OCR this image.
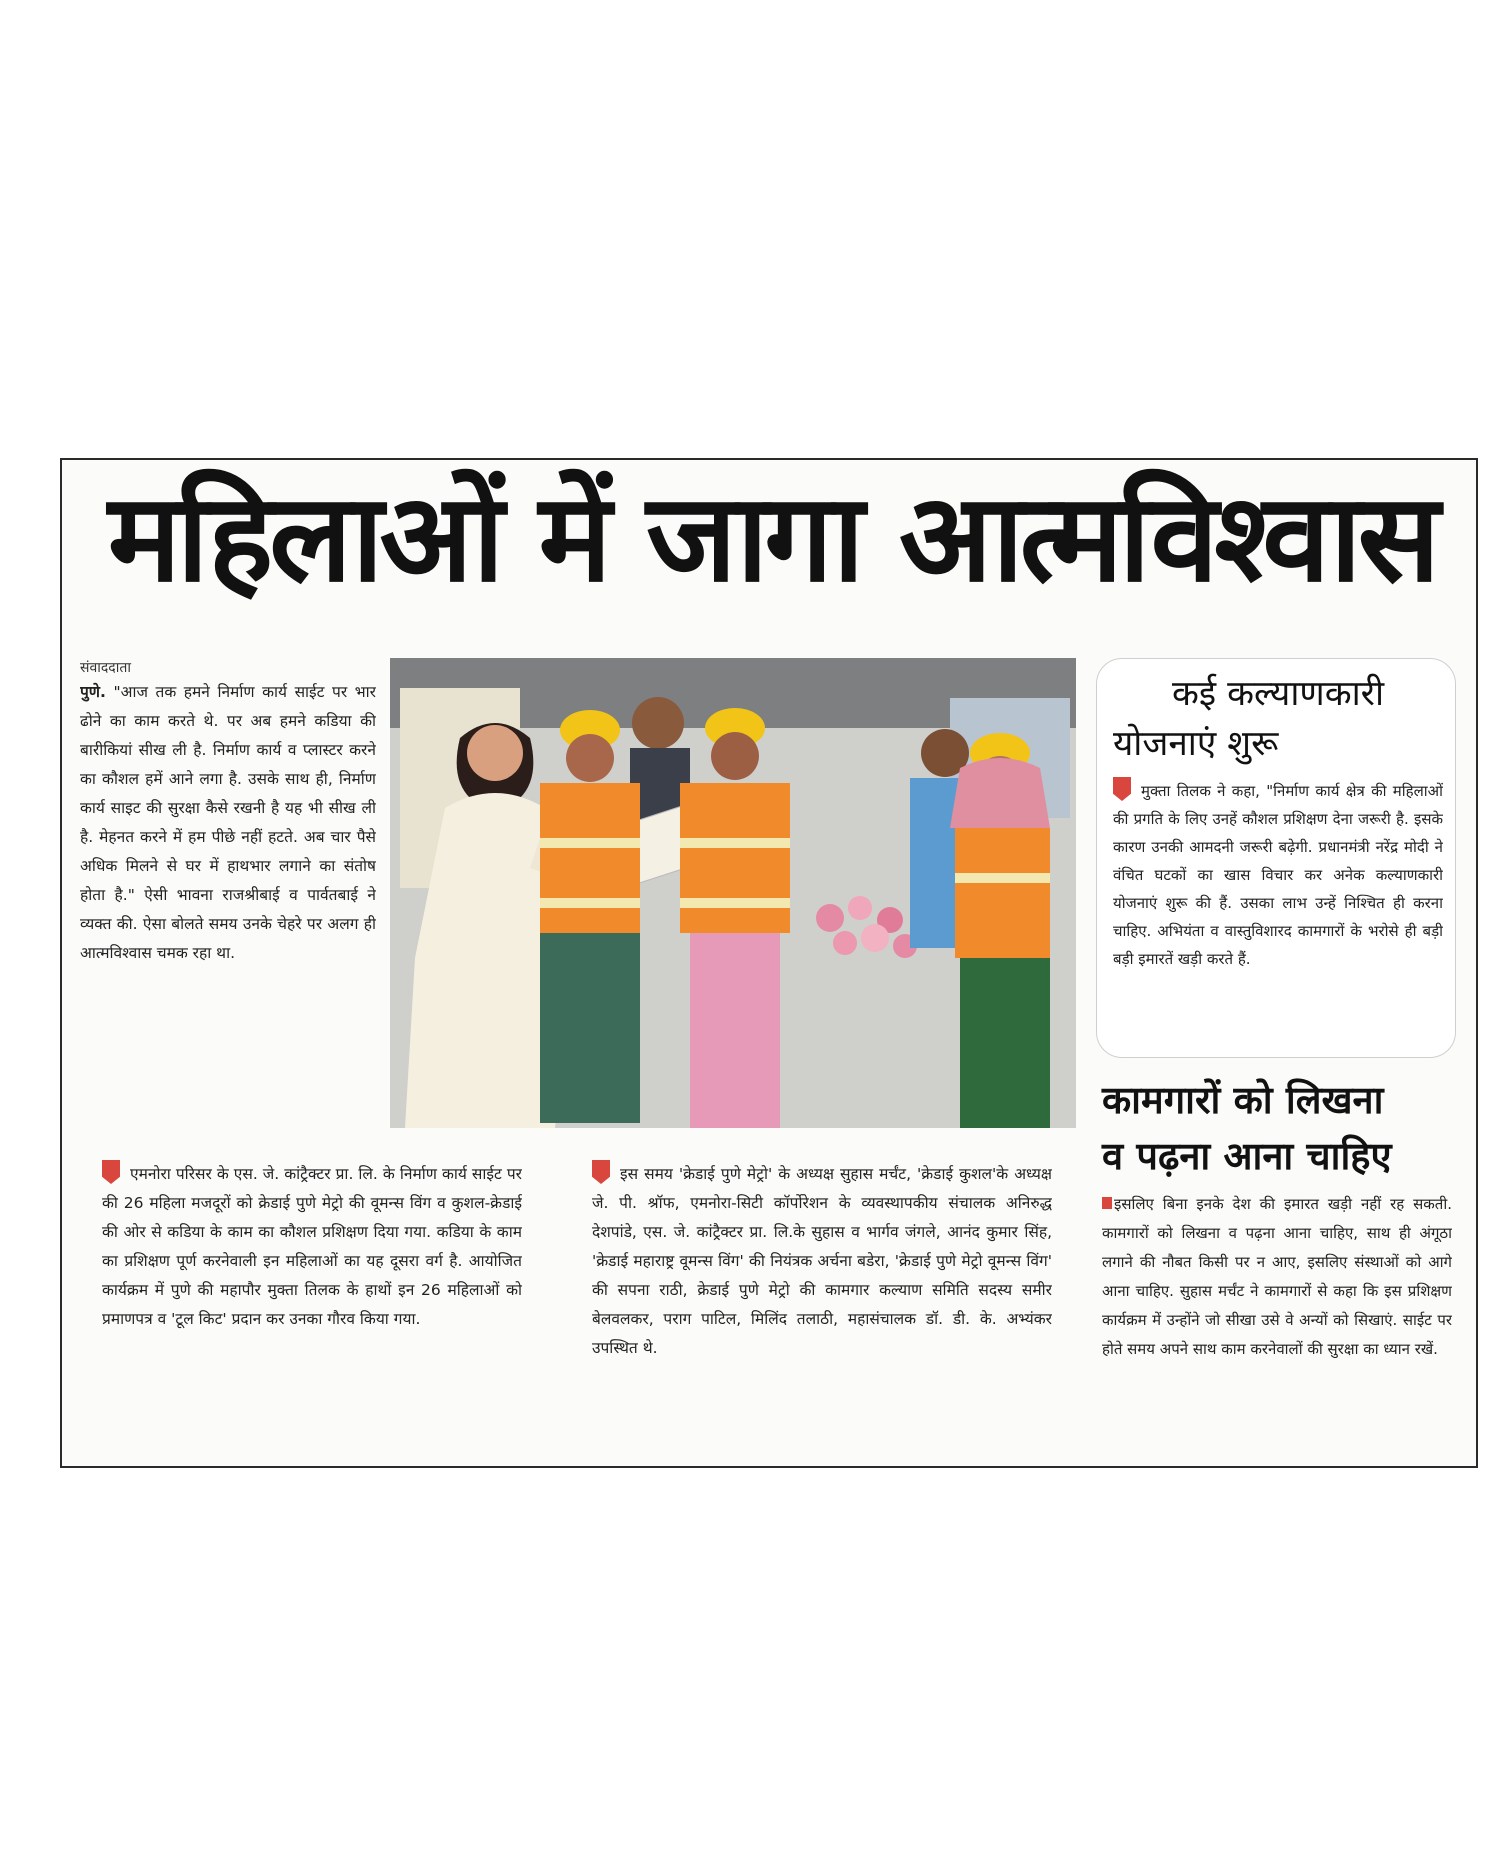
महिलाओं में जागा आत्मविश्वास

संवाददाता

पुणे. "आज तक हमने निर्माण कार्य साईट पर भार ढोने का काम करते थे. पर अब हमने कडिया की बारीकियां सीख ली है. निर्माण कार्य व प्लास्टर करने का कौशल हमें आने लगा है. उसके साथ ही, निर्माण कार्य साइट की सुरक्षा कैसे रखनी है यह भी सीख ली है. मेहनत करने में हम पीछे नहीं हटते. अब चार पैसे अधिक मिलने से घर में हाथभार लगाने का संतोष होता है." ऐसी भावना राजश्रीबाई व पार्वतबाई ने व्यक्त की. ऐसा बोलते समय उनके चेहरे पर अलग ही आत्मविश्वास चमक रहा था.

कई कल्याणकारी
योजनाएं शुरू

मुक्ता तिलक ने कहा, "निर्माण कार्य क्षेत्र की महिलाओं की प्रगति के लिए उनहें कौशल प्रशिक्षण देना जरूरी है. इसके कारण उनकी आमदनी जरूरी बढ़ेगी. प्रधानमंत्री नरेंद्र मोदी ने वंचित घटकों का खास विचार कर अनेक कल्याणकारी योजनाएं शुरू की हैं. उसका लाभ उन्हें निश्चित ही करना चाहिए. अभियंता व वास्तुविशारद कामगारों के भरोसे ही बड़ी बड़ी इमारतें खड़ी करते हैं.

कामगारों को लिखना
व पढ़ना आना चाहिए

इसलिए बिना इनके देश की इमारत खड़ी नहीं रह सकती. कामगारों को लिखना व पढ़ना आना चाहिए, साथ ही अंगूठा लगाने की नौबत किसी पर न आए, इसलिए संस्थाओं को आगे आना चाहिए. सुहास मर्चंट ने कामगारों से कहा कि इस प्रशिक्षण कार्यक्रम में उन्होंने जो सीखा उसे वे अन्यों को सिखाएं. साईट पर होते समय अपने साथ काम करनेवालों की सुरक्षा का ध्यान रखें.

एमनोरा परिसर के एस. जे. कांट्रैक्टर प्रा. लि. के निर्माण कार्य साईट पर की 26 महिला मजदूरों को क्रेडाई पुणे मेट्रो की वूमन्स विंग व कुशल-क्रेडाई की ओर से कडिया के काम का कौशल प्रशिक्षण दिया गया. कडिया के काम का प्रशिक्षण पूर्ण करनेवाली इन महिलाओं का यह दूसरा वर्ग है. आयोजित कार्यक्रम में पुणे की महापौर मुक्ता तिलक के हाथों इन 26 महिलाओं को प्रमाणपत्र व 'टूल किट' प्रदान कर उनका गौरव किया गया.

इस समय 'क्रेडाई पुणे मेट्रो' के अध्यक्ष सुहास मर्चंट, 'क्रेडाई कुशल'के अध्यक्ष जे. पी. श्रॉफ, एमनोरा-सिटी कॉर्पोरेशन के व्यवस्थापकीय संचालक अनिरुद्ध देशपांडे, एस. जे. कांट्रैक्टर प्रा. लि.के सुहास व भार्गव जंगले, आनंद कुमार सिंह, 'क्रेडाई महाराष्ट्र वूमन्स विंग' की नियंत्रक अर्चना बडेरा, 'क्रेडाई पुणे मेट्रो वूमन्स विंग' की सपना राठी, क्रेडाई पुणे मेट्रो की कामगार कल्याण समिति सदस्य समीर बेलवलकर, पराग पाटिल, मिलिंद तलाठी, महासंचालक डॉ. डी. के. अभ्यंकर उपस्थित थे.
